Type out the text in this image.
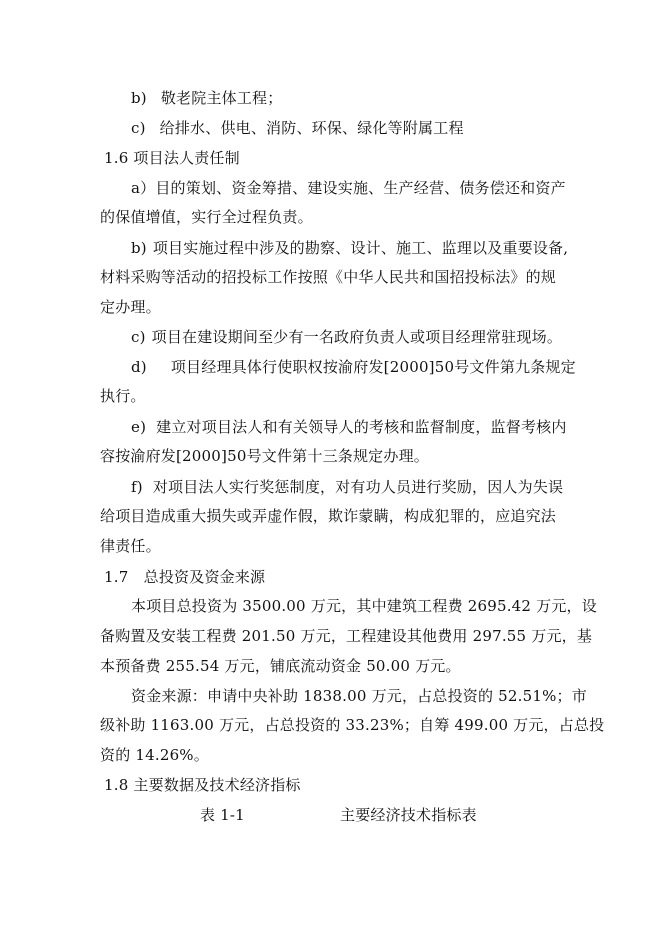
b) 敬老院主体工程；
c) 给排水、供电、消防、环保、绿化等附属工程
1.6 项目法人责任制
a）目的策划、资金筹措、建设实施、生产经营、债务偿还和资产
的保值增值，实行全过程负责。
b) 项目实施过程中涉及的勘察、设计、施工、监理以及重要设备,
材料采购等活动的招投标工作按照《中华人民共和国招投标法》的规
定办理。
c) 项目在建设期间至少有一名政府负责人或项目经理常驻现场。
d) 项目经理具体行使职权按渝府发[2000]50号文件第九条规定
执行。
e) 建立对项目法人和有关领导人的考核和监督制度，监督考核内
容按渝府发[2000]50号文件第十三条规定办理。
f) 对项目法人实行奖惩制度，对有功人员进行奖励，因人为失误
给项目造成重大损失或弄虚作假，欺诈蒙瞒，构成犯罪的，应追究法
律责任。
1.7　总投资及资金来源
本项目总投资为 3500.00 万元，其中建筑工程费 2695.42 万元，设
备购置及安装工程费 201.50 万元，工程建设其他费用 297.55 万元，基
本预备费 255.54 万元，铺底流动资金 50.00 万元。
资金来源：申请中央补助 1838.00 万元，占总投资的 52.51%；市
级补助 1163.00 万元，占总投资的 33.23%；自筹 499.00 万元，占总投
资的 14.26%。
1.8 主要数据及技术经济指标
表 1-1	主要经济技术指标表
